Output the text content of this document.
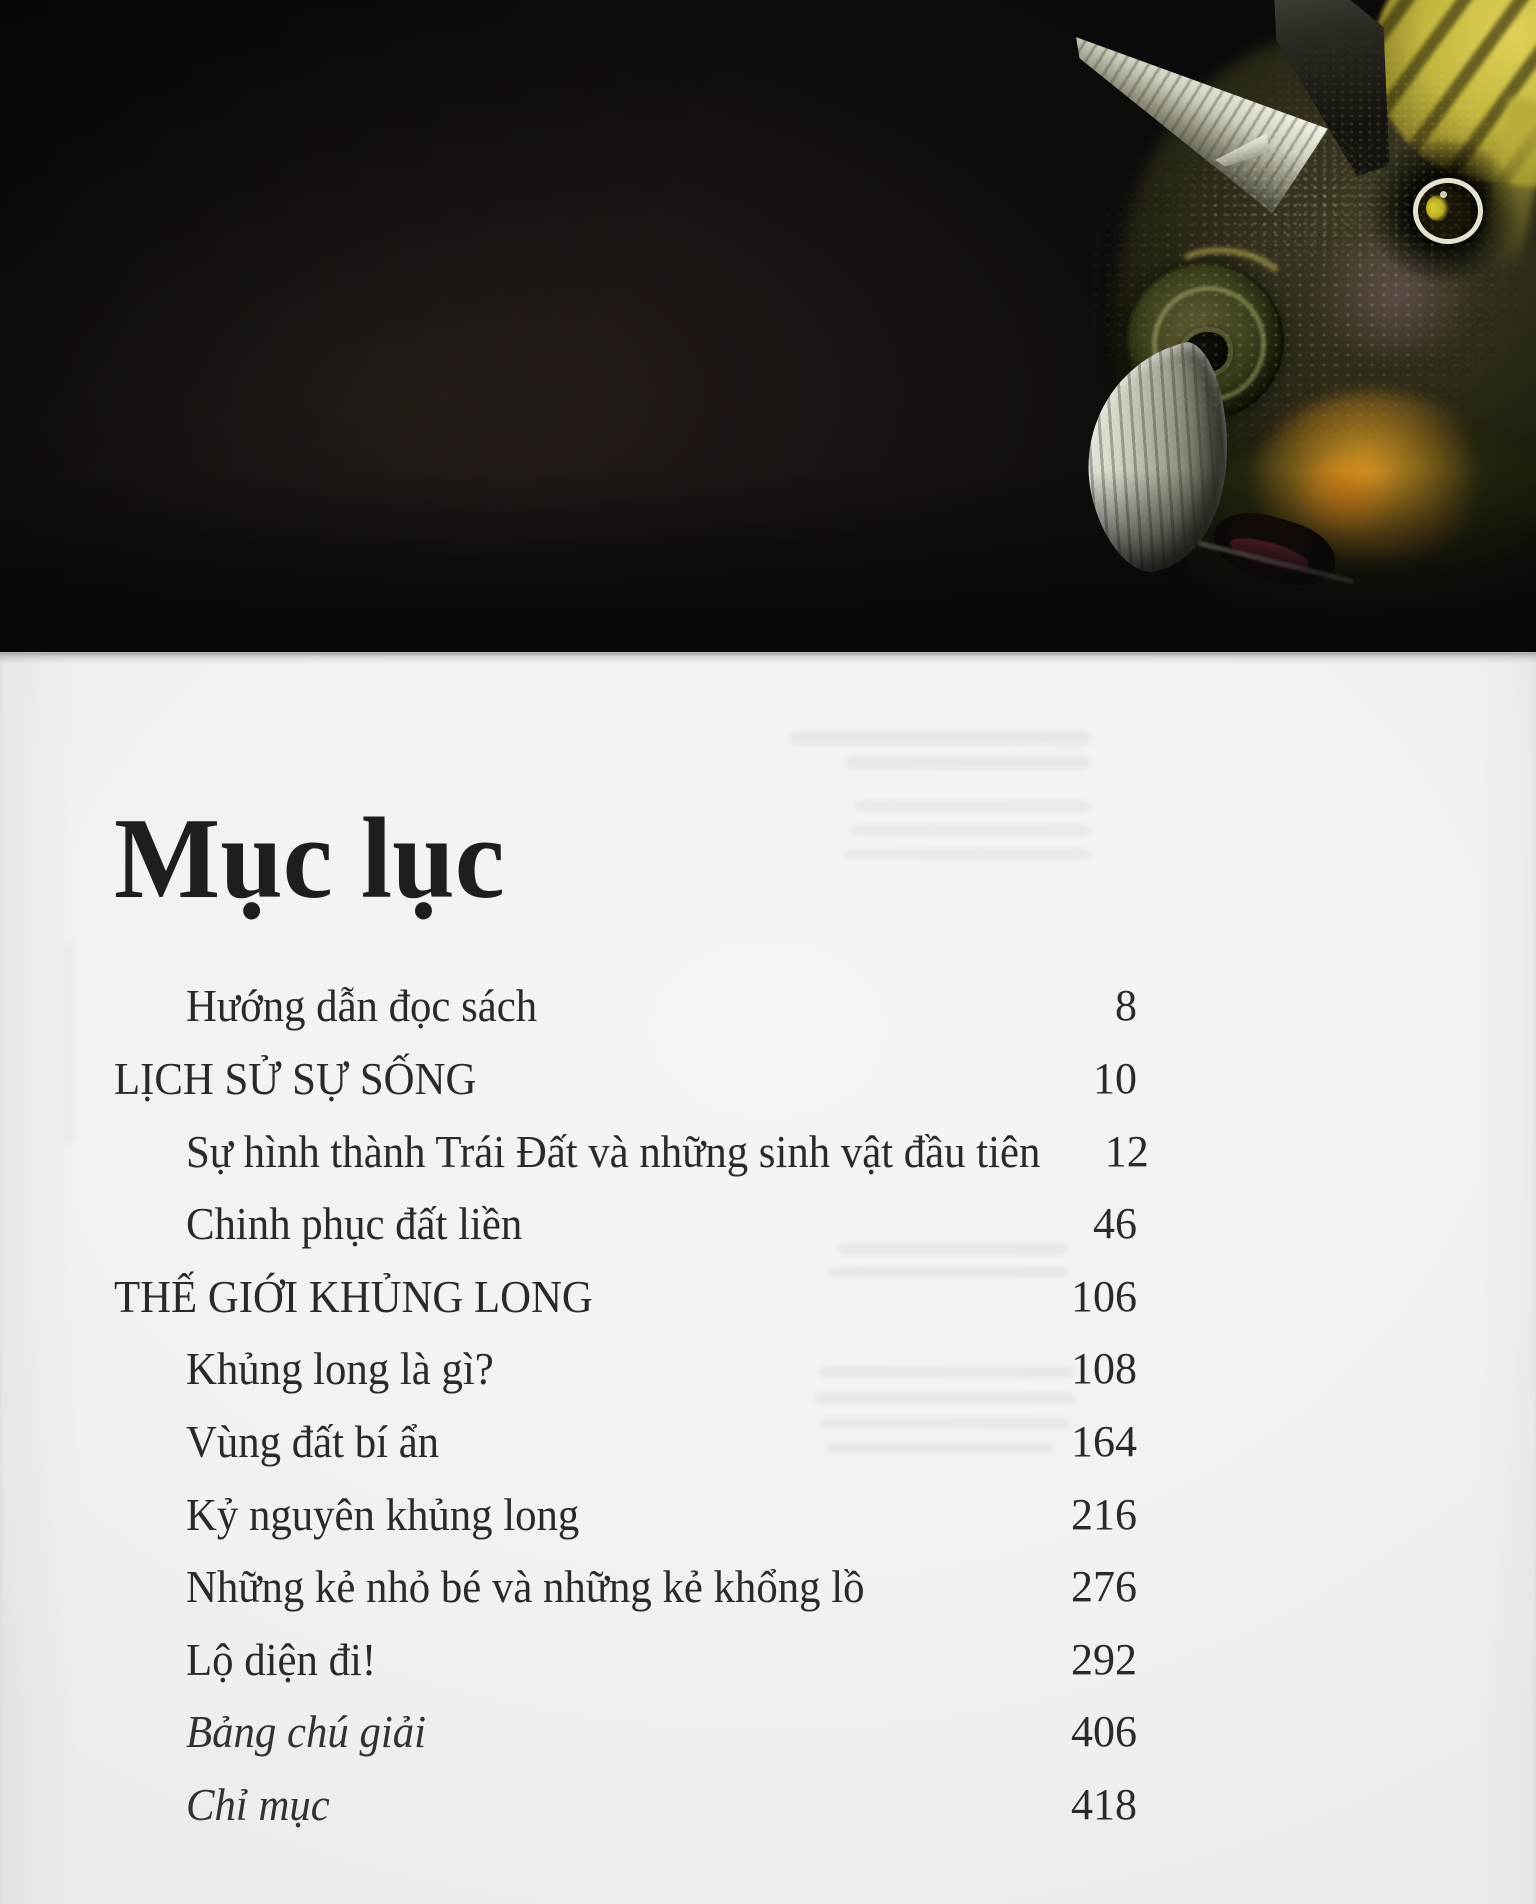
Mục lục
Hướng dẫn đọc sách	8
LỊCH SỬ SỰ SỐNG	10
Sự hình thành Trái Đất và những sinh vật đầu tiên 12
Chinh phục đất liền	46
THẾ GIỚI KHỦNG LONG	106
Khủng long là gì?	108
Vùng đất bí ẩn	164
Kỷ nguyên khủng long	216
Những kẻ nhỏ bé và những kẻ khổng lồ	276
Lộ diện đi!	292
Bảng chú giải	406
Chỉ mục	418
